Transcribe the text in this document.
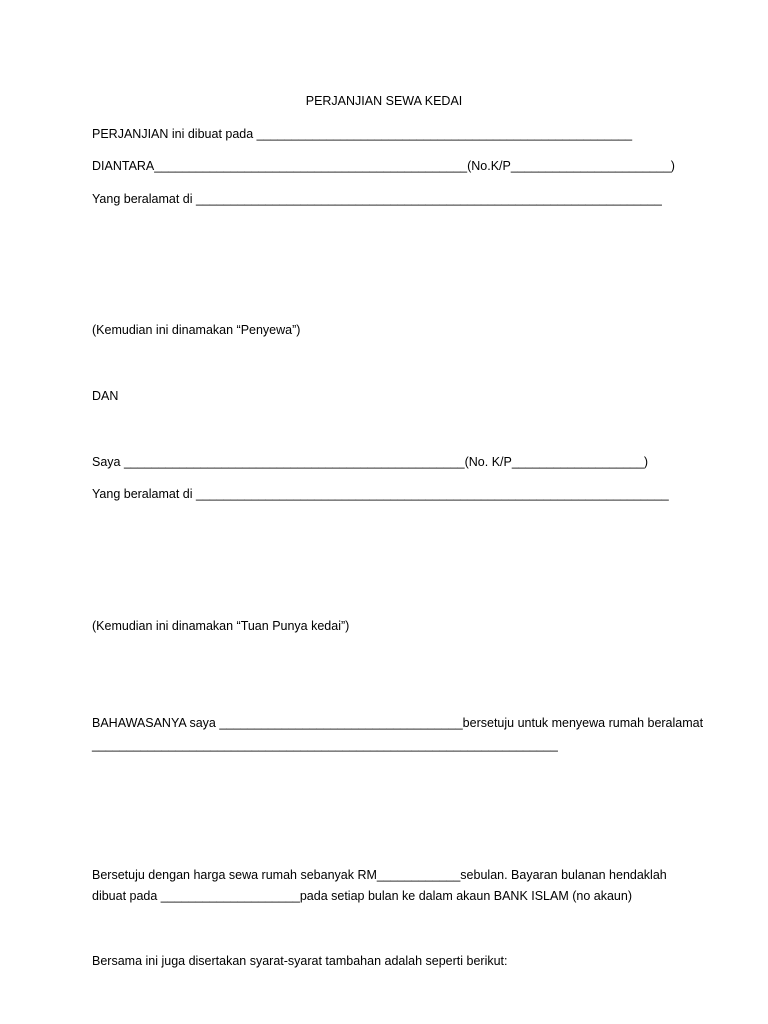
PERJANJIAN SEWA KEDAI
PERJANJIAN ini dibuat pada ______________________________________________________
DIANTARA_____________________________________________(No.K/P_______________________)
Yang beralamat di ___________________________________________________________________
(Kemudian ini dinamakan “Penyewa”)
DAN
Saya _________________________________________________(No. K/P___________________)
Yang beralamat di ____________________________________________________________________
(Kemudian ini dinamakan “Tuan Punya kedai”)
BAHAWASANYA saya ___________________________________bersetuju untuk menyewa rumah beralamat
___________________________________________________________________
Bersetuju dengan harga sewa rumah sebanyak RM____________sebulan. Bayaran bulanan hendaklah
dibuat pada ____________________pada setiap bulan ke dalam akaun BANK ISLAM (no akaun)
Bersama ini juga disertakan syarat-syarat tambahan adalah seperti berikut:
